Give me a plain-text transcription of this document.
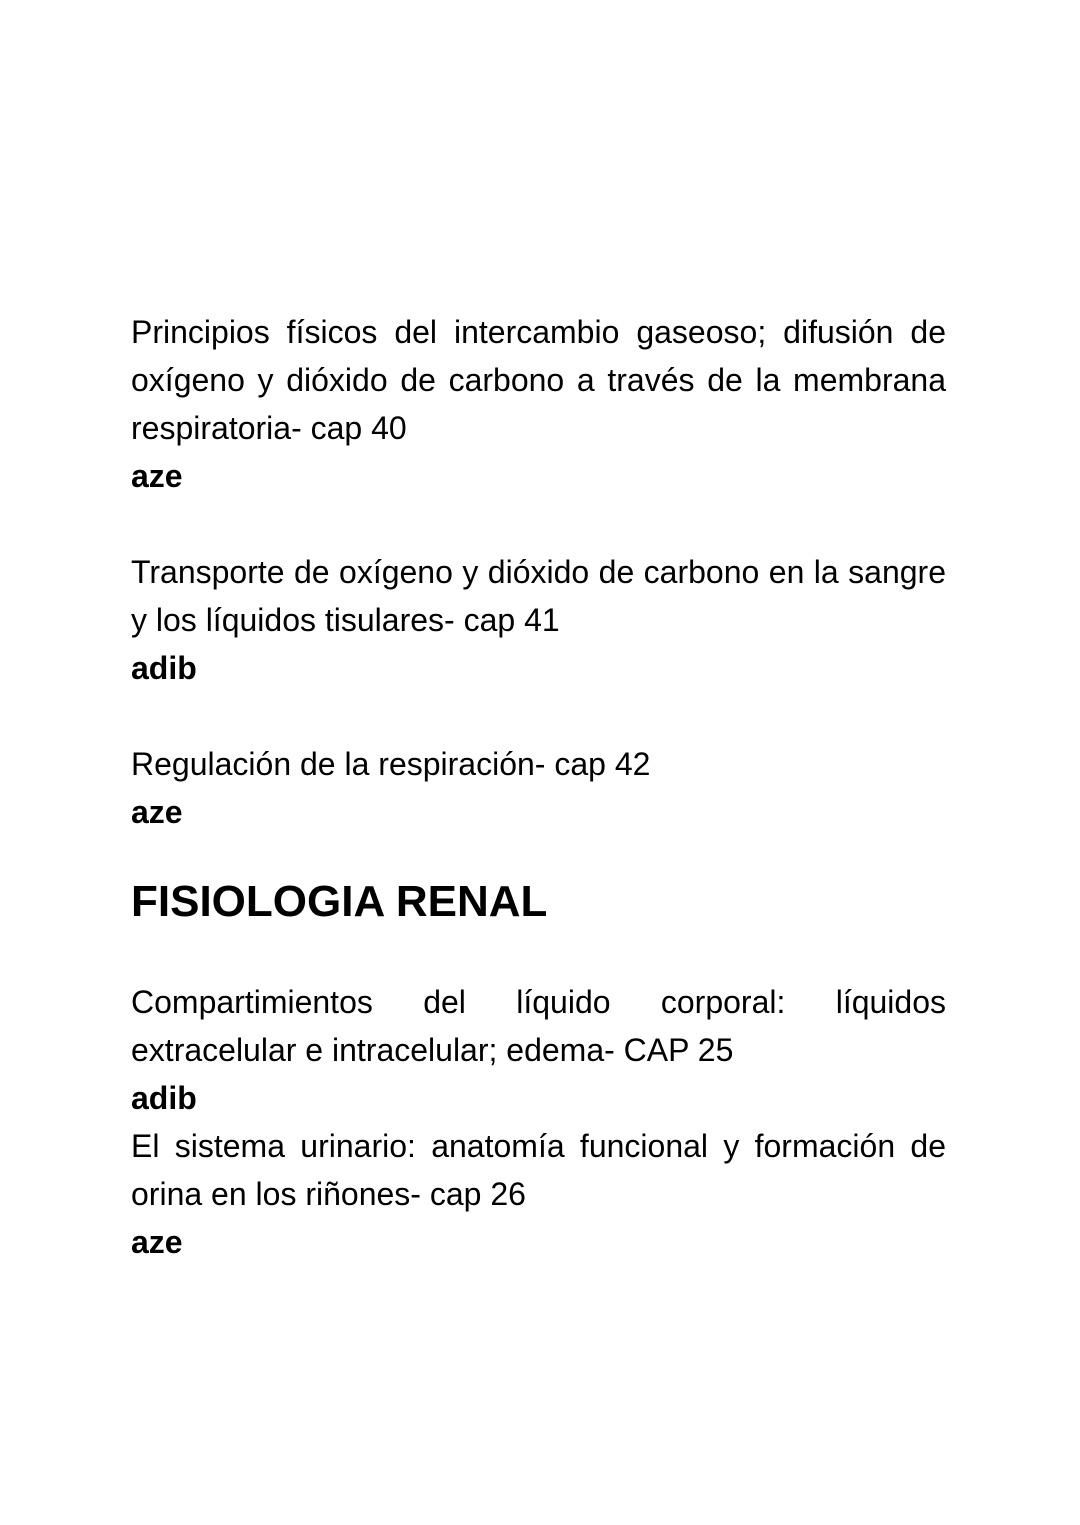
Principios físicos del intercambio gaseoso; difusión de oxígeno y dióxido de carbono a través de la membrana respiratoria- cap 40

aze

Transporte de oxígeno y dióxido de carbono en la sangre y los líquidos tisulares- cap 41

adib

Regulación de la respiración- cap 42

aze

FISIOLOGIA RENAL

Compartimientos del líquido corporal: líquidos extracelular e intracelular; edema- CAP 25

adib

El sistema urinario: anatomía funcional y formación de orina en los riñones- cap 26

aze
